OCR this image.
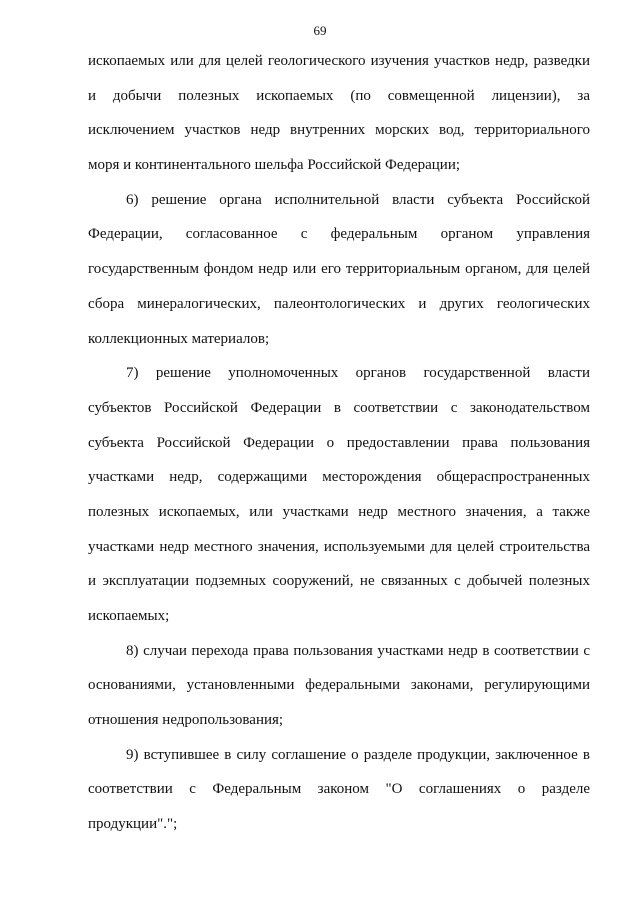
69
ископаемых или для целей геологического изучения участков недр, разведки
и добычи полезных ископаемых (по совмещенной лицензии), за
исключением участков недр внутренних морских вод, территориального
моря и континентального шельфа Российской Федерации;
6) решение органа исполнительной власти субъекта Российской
Федерации, согласованное с федеральным органом управления
государственным фондом недр или его территориальным органом, для целей
сбора минералогических, палеонтологических и других геологических
коллекционных материалов;
7) решение уполномоченных органов государственной власти
субъектов Российской Федерации в соответствии с законодательством
субъекта Российской Федерации о предоставлении права пользования
участками недр, содержащими месторождения общераспространенных
полезных ископаемых, или участками недр местного значения, а также
участками недр местного значения, используемыми для целей строительства
и эксплуатации подземных сооружений, не связанных с добычей полезных
ископаемых;
8) случаи перехода права пользования участками недр в соответствии с
основаниями, установленными федеральными законами, регулирующими
отношения недропользования;
9) вступившее в силу соглашение о разделе продукции, заключенное в
соответствии с Федеральным законом "О соглашениях о разделе
продукции".";
